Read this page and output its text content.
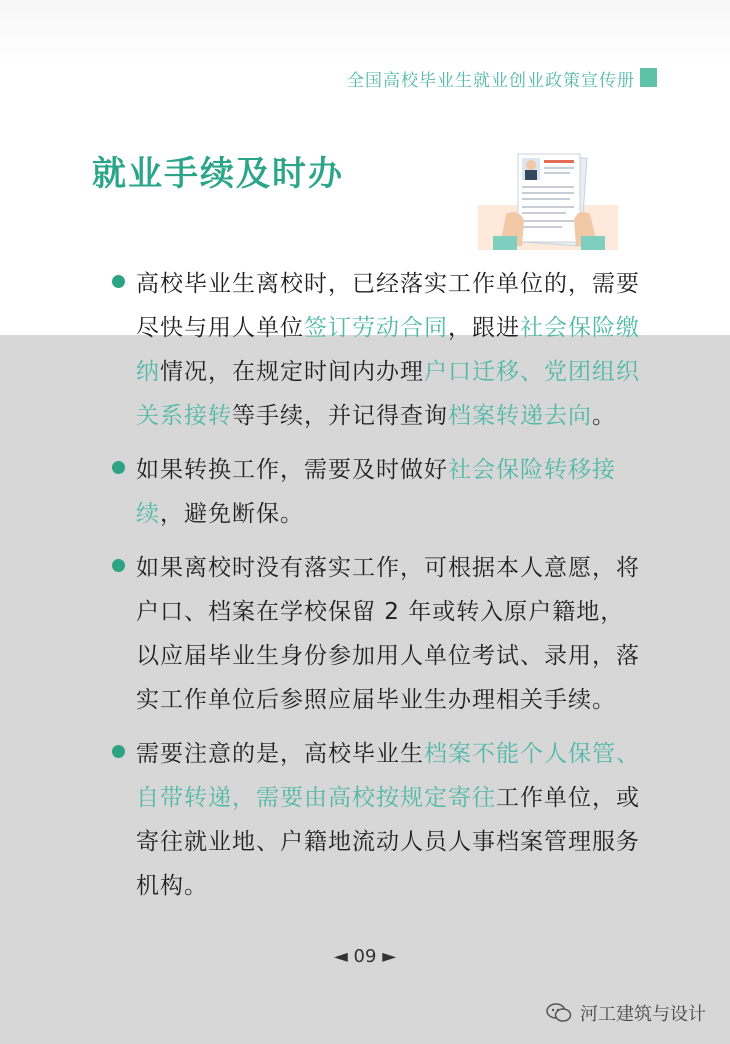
全国高校毕业生就业创业政策宣传册
就业手续及时办
高校毕业生离校时，已经落实工作单位的，需要尽快与用人单位签订劳动合同，跟进社会保险缴纳情况，在规定时间内办理户口迁移、党团组织关系接转等手续，并记得查询档案转递去向。
如果转换工作，需要及时做好社会保险转移接续，避免断保。
如果离校时没有落实工作，可根据本人意愿，将户口、档案在学校保留 2 年或转入原户籍地，以应届毕业生身份参加用人单位考试、录用，落实工作单位后参照应届毕业生办理相关手续。
需要注意的是，高校毕业生档案不能个人保管、自带转递，需要由高校按规定寄往工作单位，或寄往就业地、户籍地流动人员人事档案管理服务机构。
◄ 09 ►
河工建筑与设计
